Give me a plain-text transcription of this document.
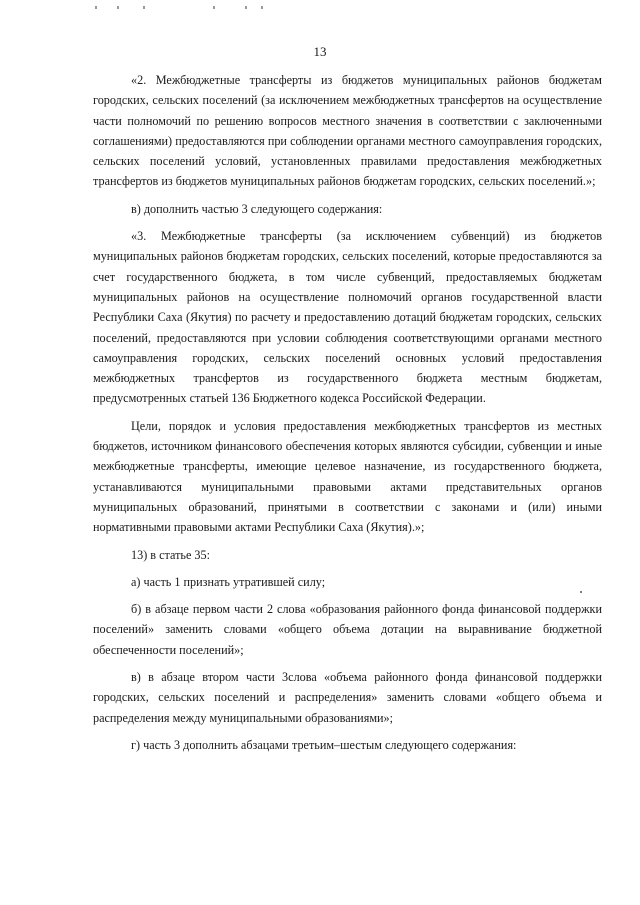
13

«2. Межбюджетные трансферты из бюджетов муниципальных районов бюджетам городских, сельских поселений (за исключением межбюджетных трансфертов на осуществление части полномочий по решению вопросов местного значения в соответствии с заключенными соглашениями) предоставляются при соблюдении органами местного самоуправления городских, сельских поселений условий, установленных правилами предоставления межбюджетных трансфертов из бюджетов муниципальных районов бюджетам городских, сельских поселений.»;

в) дополнить частью 3 следующего содержания:

«3. Межбюджетные трансферты (за исключением субвенций) из бюджетов муниципальных районов бюджетам городских, сельских поселений, которые предоставляются за счет государственного бюджета, в том числе субвенций, предоставляемых бюджетам муниципальных районов на осуществление полномочий органов государственной власти Республики Саха (Якутия) по расчету и предоставлению дотаций бюджетам городских, сельских поселений, предоставляются при условии соблюдения соответствующими органами местного самоуправления городских, сельских поселений основных условий предоставления межбюджетных трансфертов из государственного бюджета местным бюджетам, предусмотренных статьей 136 Бюджетного кодекса Российской Федерации.

Цели, порядок и условия предоставления межбюджетных трансфертов из местных бюджетов, источником финансового обеспечения которых являются субсидии, субвенции и иные межбюджетные трансферты, имеющие целевое назначение, из государственного бюджета, устанавливаются муниципальными правовыми актами представительных органов муниципальных образований, принятыми в соответствии с законами и (или) иными нормативными правовыми актами Республики Саха (Якутия).»;

13) в статье 35:

а) часть 1 признать утратившей силу;

б) в абзаце первом части 2 слова «образования районного фонда финансовой поддержки поселений» заменить словами «общего объема дотации на выравнивание бюджетной обеспеченности поселений»;

в) в абзаце втором части 3слова «объема районного фонда финансовой поддержки городских, сельских поселений и распределения» заменить словами «общего объема и распределения между муниципальными образованиями»;

г) часть 3 дополнить абзацами третьим–шестым следующего содержания:
